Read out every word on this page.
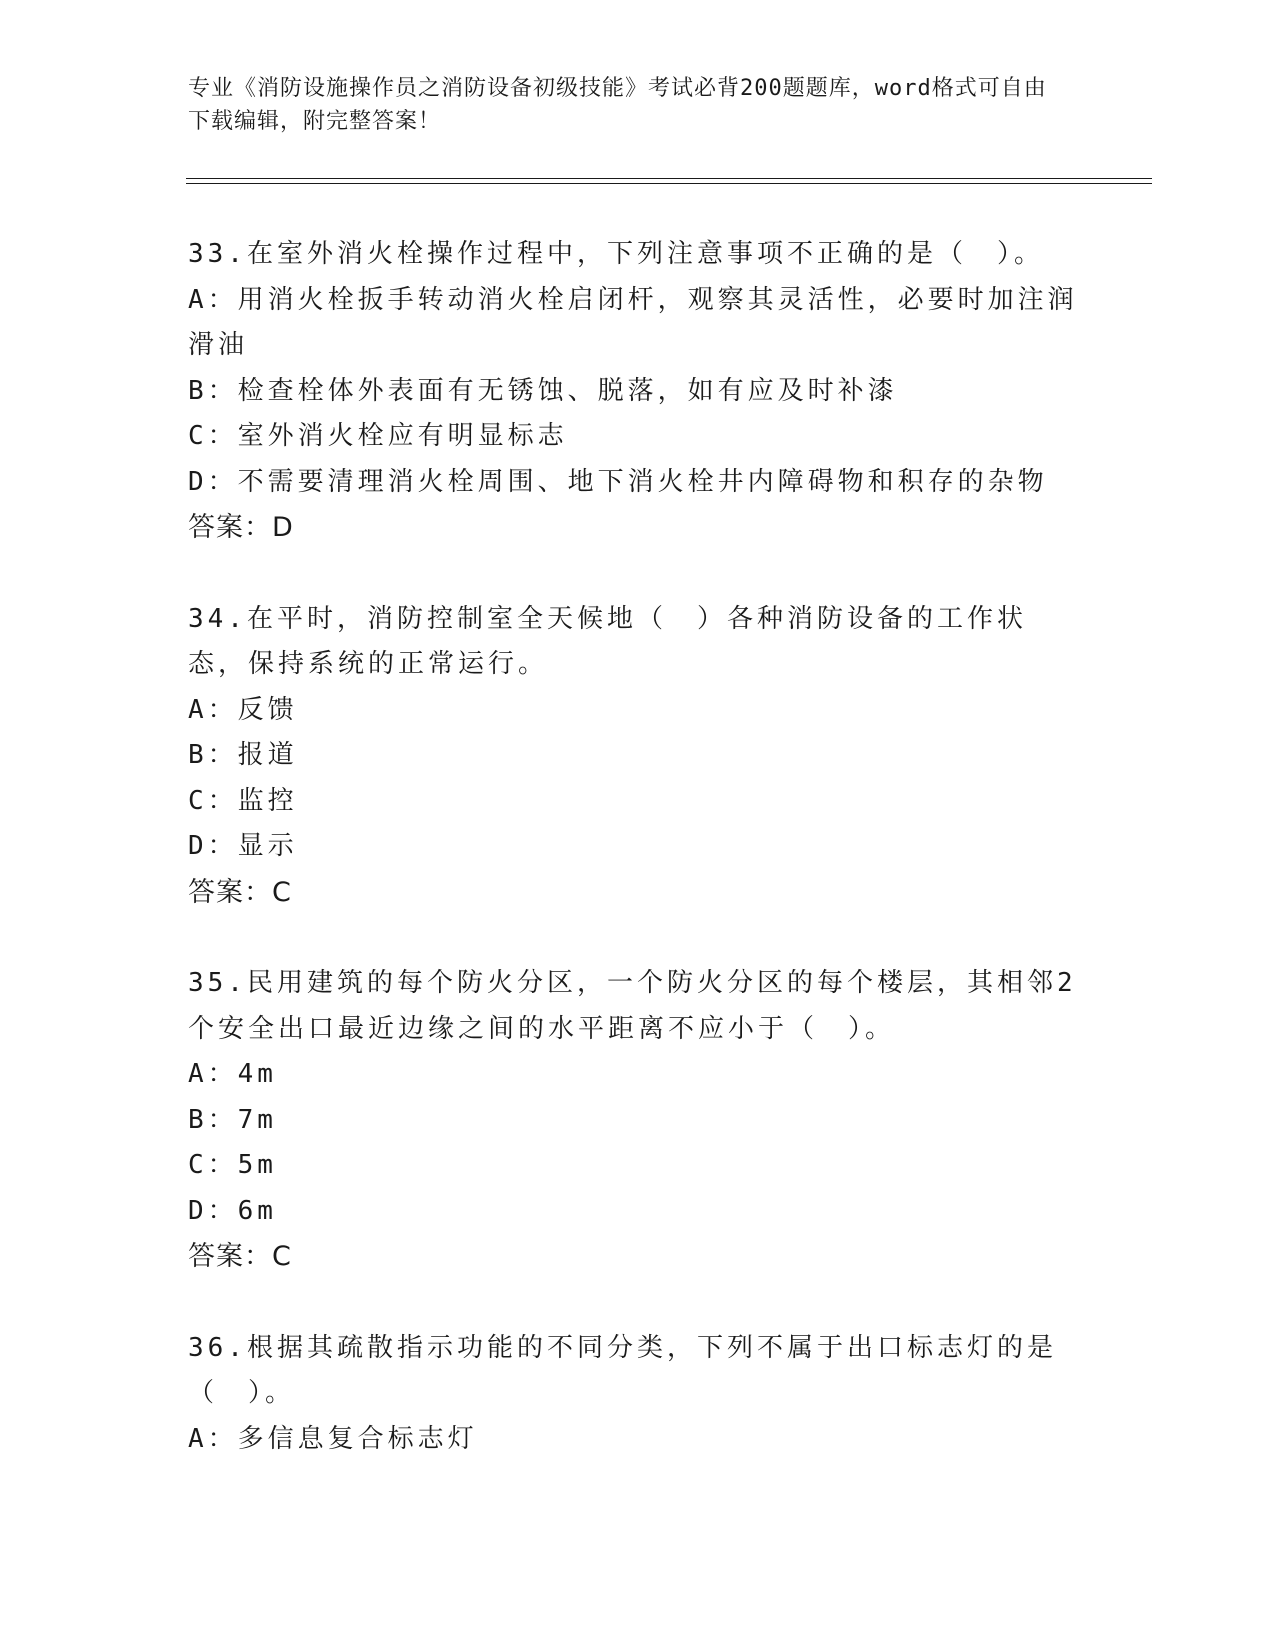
专业《消防设施操作员之消防设备初级技能》考试必背200题题库，word格式可自由下载编辑，附完整答案！
33.在室外消火栓操作过程中，下列注意事项不正确的是（　）。
A：用消火栓扳手转动消火栓启闭杆，观察其灵活性，必要时加注润滑油
B：检查栓体外表面有无锈蚀、脱落，如有应及时补漆
C：室外消火栓应有明显标志
D：不需要清理消火栓周围、地下消火栓井内障碍物和积存的杂物
答案：D
34.在平时，消防控制室全天候地（　）各种消防设备的工作状态，保持系统的正常运行。
A：反馈
B：报道
C：监控
D：显示
答案：C
35.民用建筑的每个防火分区，一个防火分区的每个楼层，其相邻2个安全出口最近边缘之间的水平距离不应小于（　）。
A：4m
B：7m
C：5m
D：6m
答案：C
36.根据其疏散指示功能的不同分类，下列不属于出口标志灯的是（　）。
A：多信息复合标志灯
